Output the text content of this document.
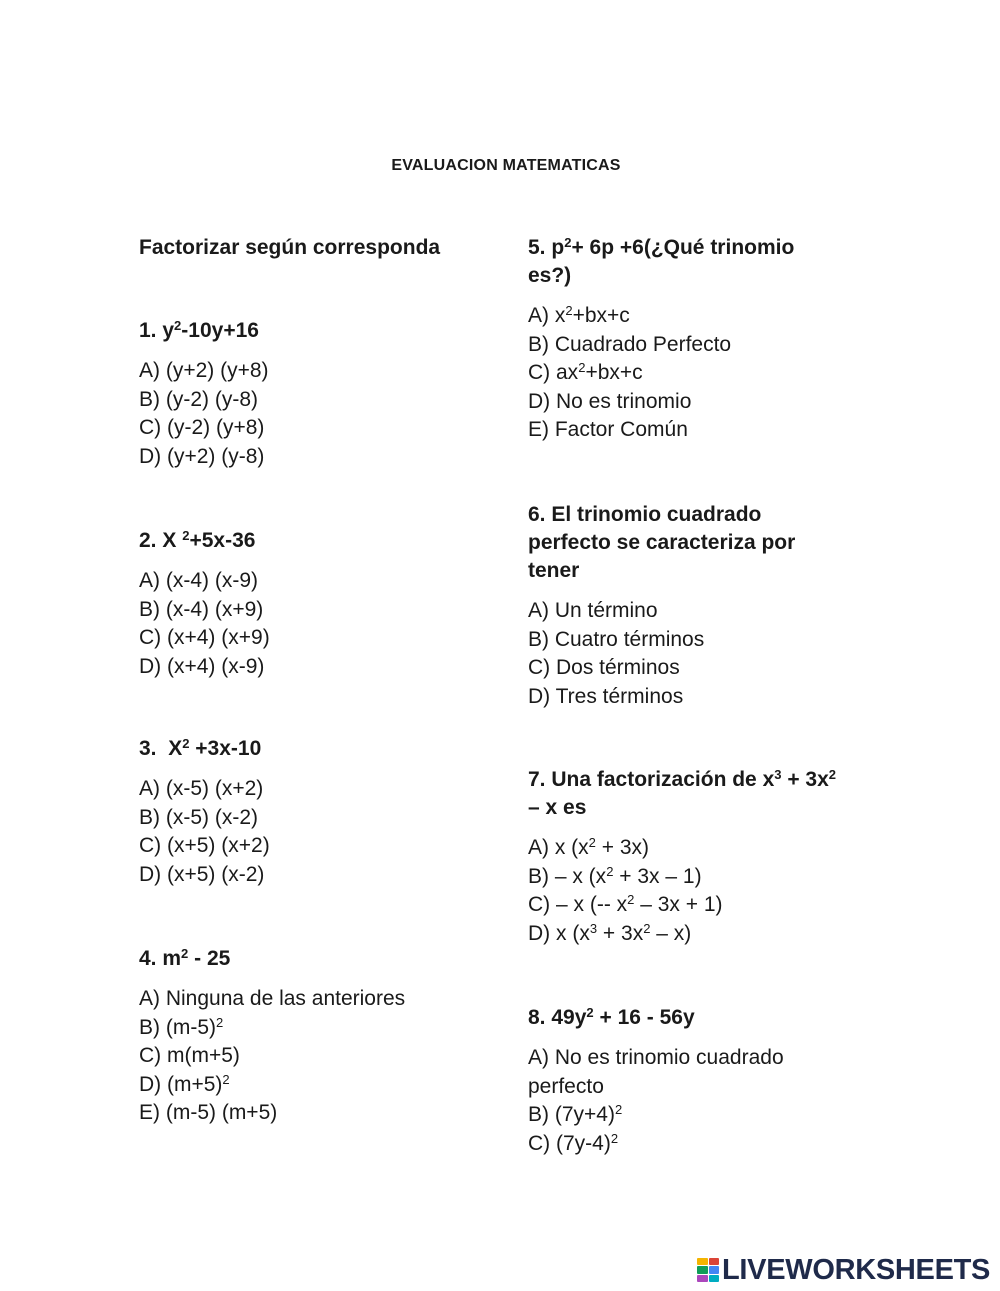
EVALUACION MATEMATICAS

Factorizar según corresponda

1. $y^2-10y+16$

A) (y+2) (y+8)
B) (y-2) (y-8)
C) (y-2) (y+8)
D) (y+2) (y-8)

2. X $^2$+5x-36

A) (x-4) (x-9)
B) (x-4) (x+9)
C) (x+4) (x+9)
D) (x+4) (x-9)

3.  $X^2 +3x-10$

A) (x-5) (x+2)
B) (x-5) (x-2)
C) (x+5) (x+2)
D) (x+5) (x-2)

4. $m^2 - 25$

A) Ninguna de las anteriores
B) $(m-5)^2$
C) m(m+5)
D) $(m+5)^2$
E) (m-5) (m+5)

5. $p^2+ 6p$ +6(¿Qué trinomio es?)

A) $x^2+bx+c$
B) Cuadrado Perfecto
C) $ax^2+bx+c$
D) No es trinomio
E) Factor Común

6. El trinomio cuadrado perfecto se caracteriza por tener

A) Un término
B) Cuatro términos
C) Dos términos
D) Tres términos

7. Una factorización de $x^3 + 3x^2 - x$ es

A) x $(x^2 + 3x)$
B) – x $(x^2 + 3x - 1)$
C) – x (-- $x^2 - 3x + 1$)
D) x $(x^3 + 3x^2 - x)$

8. $49y^2 + 16 - 56y$

A) No es trinomio cuadrado perfecto
B) $(7y+4)^2$
C) $(7y-4)^2$
LIVEWORKSHEETS
